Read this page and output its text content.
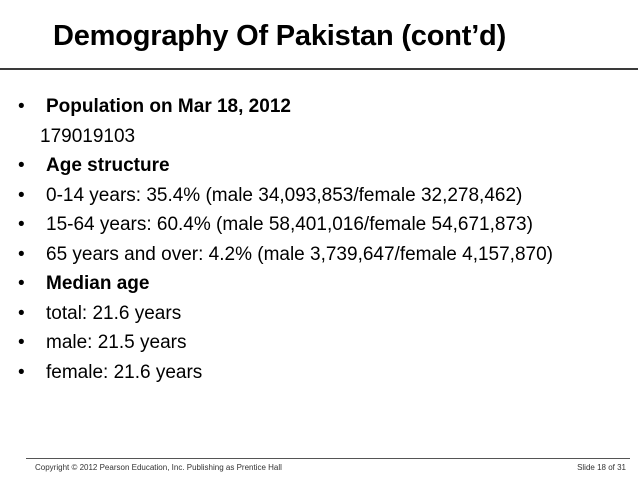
Demography Of Pakistan (cont’d)
•	Population on Mar 18, 2012
179019103
•	Age structure
•	0-14 years: 35.4% (male 34,093,853/female 32,278,462)
•	15-64 years: 60.4% (male 58,401,016/female 54,671,873)
•	65 years and over: 4.2% (male 3,739,647/female 4,157,870)
•	Median age
•	total: 21.6 years
•	male: 21.5 years
•	female: 21.6 years
Copyright © 2012 Pearson Education, Inc. Publishing as Prentice Hall	Slide 18 of 31
